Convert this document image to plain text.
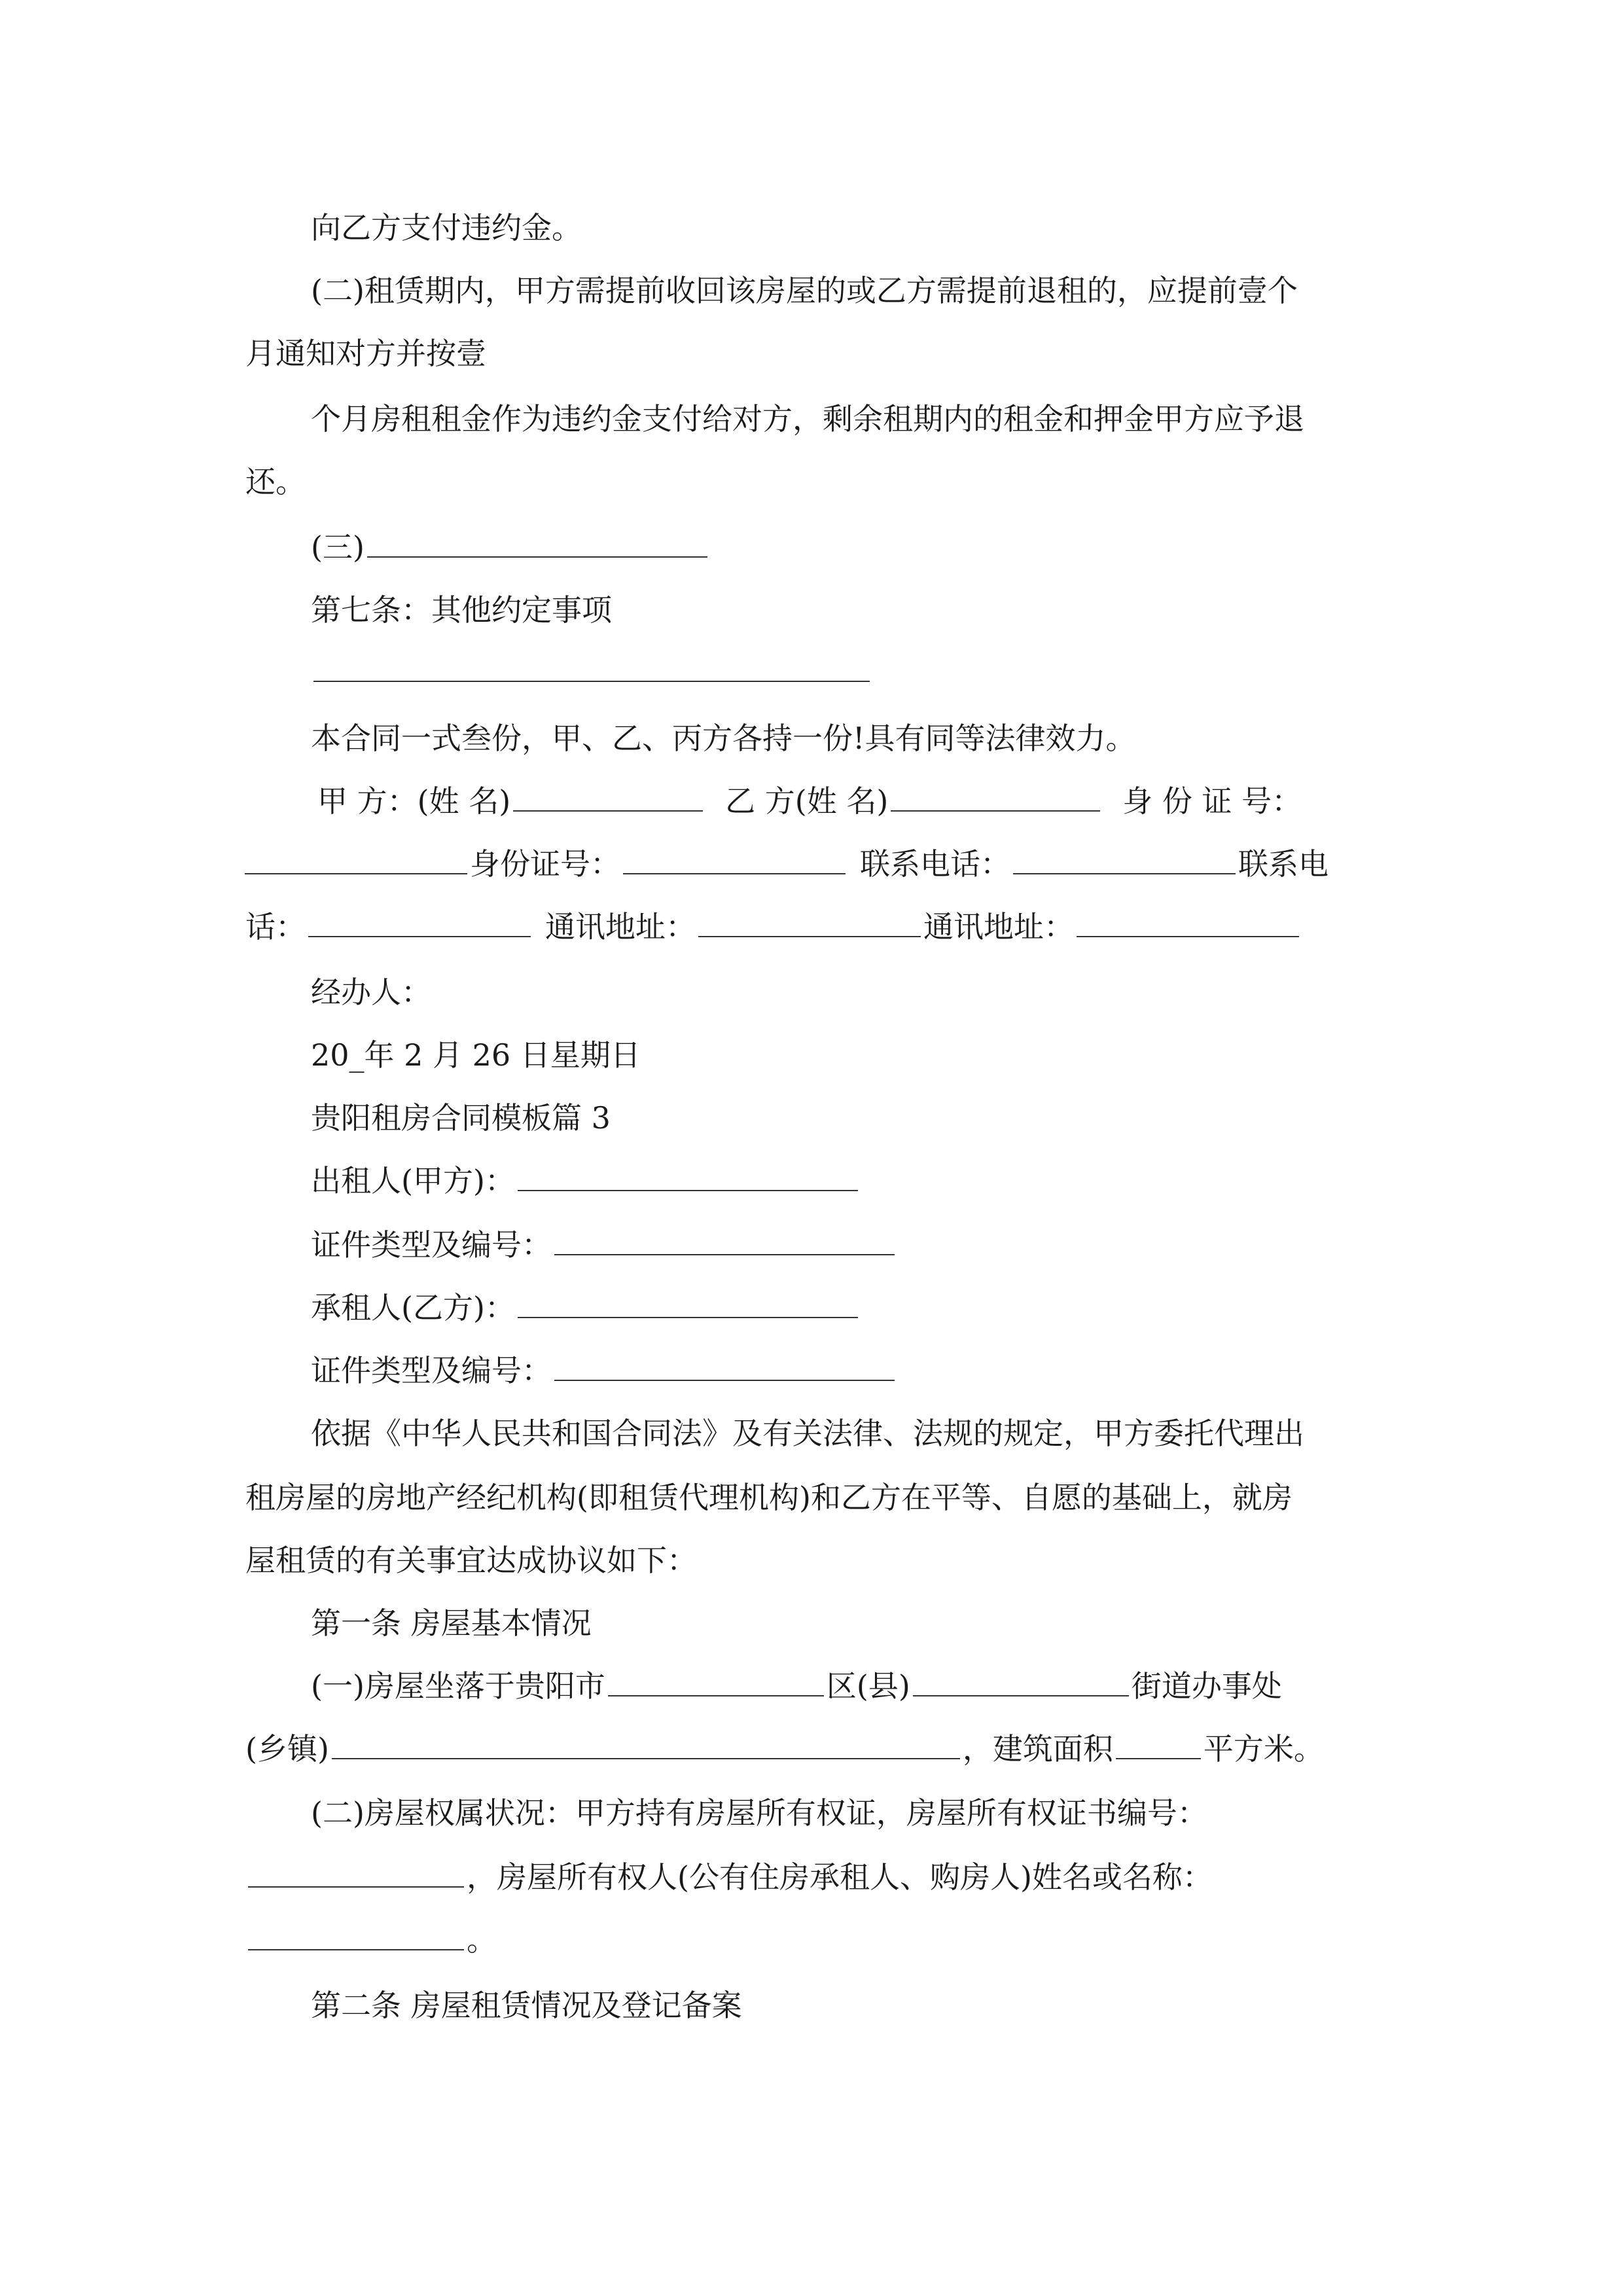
向乙方支付违约金。
(二)租赁期内，甲方需提前收回该房屋的或乙方需提前退租的，应提前壹个
月通知对方并按壹
个月房租租金作为违约金支付给对方，剩余租期内的租金和押金甲方应予退
还。
(三)
第七条：其他约定事项
本合同一式叁份，甲、乙、丙方各持一份!具有同等法律效力。
甲 方：(姓 名)	乙 方(姓 名)	身 份 证 号：
身份证号：	联系电话：	联系电
话：	通讯地址：	通讯地址：
经办人：
20_年 2 月 26 日星期日
贵阳租房合同模板篇 3
出租人(甲方)：
证件类型及编号：
承租人(乙方)：
证件类型及编号：
依据《中华人民共和国合同法》及有关法律、法规的规定，甲方委托代理出
租房屋的房地产经纪机构(即租赁代理机构)和乙方在平等、自愿的基础上，就房
屋租赁的有关事宜达成协议如下：
第一条 房屋基本情况
(一)房屋坐落于贵阳市	区(县)	街道办事处
(乡镇)	，建筑面积	平方米。
(二)房屋权属状况：甲方持有房屋所有权证，房屋所有权证书编号：
，房屋所有权人(公有住房承租人、购房人)姓名或名称：
。
第二条 房屋租赁情况及登记备案
